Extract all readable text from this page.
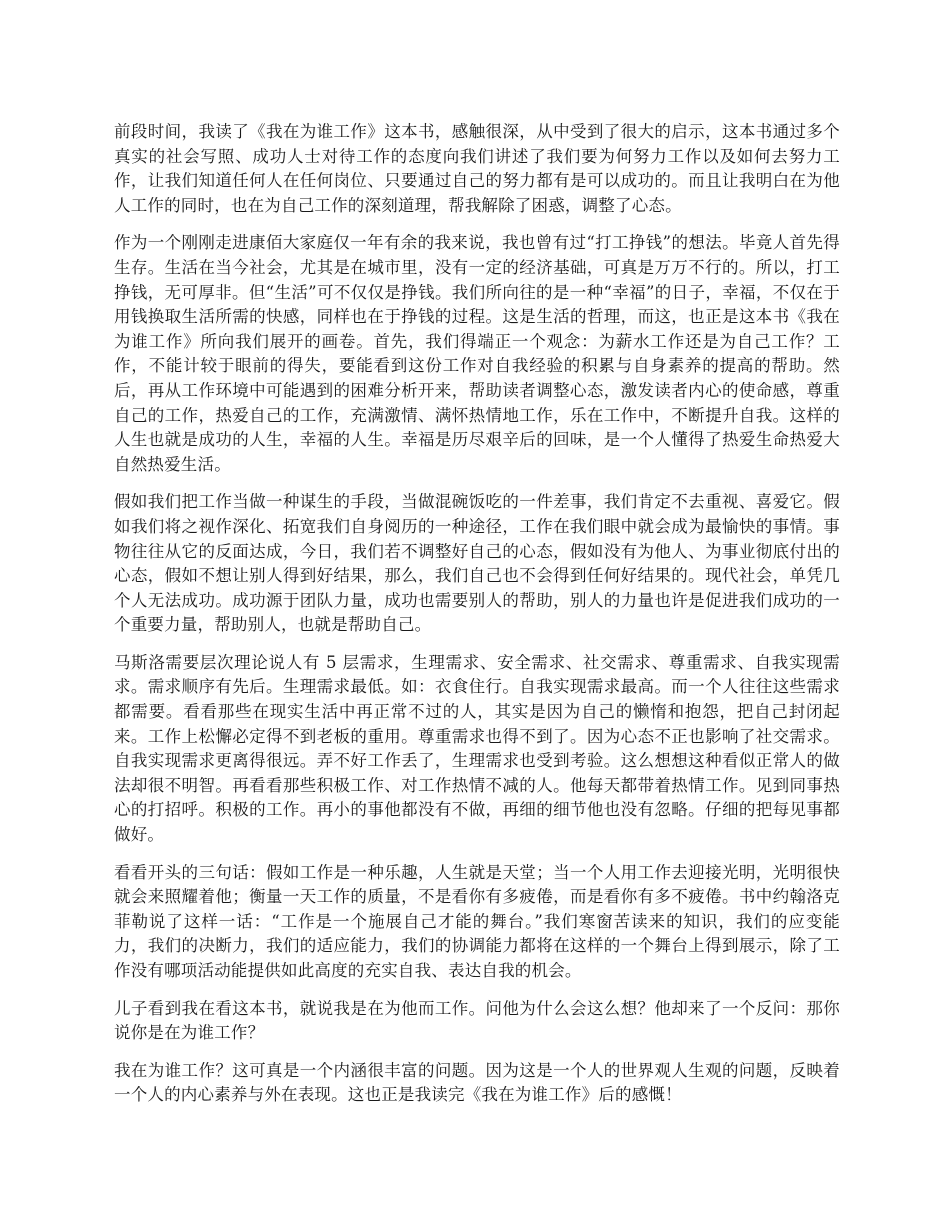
前段时间，我读了《我在为谁工作》这本书，感触很深，从中受到了很大的启示，这本书通过多个真实的社会写照、成功人士对待工作的态度向我们讲述了我们要为何努力工作以及如何去努力工作，让我们知道任何人在任何岗位、只要通过自己的努力都有是可以成功的。而且让我明白在为他人工作的同时，也在为自己工作的深刻道理，帮我解除了困惑，调整了心态。

作为一个刚刚走进康佰大家庭仅一年有余的我来说，我也曾有过“打工挣钱”的想法。毕竟人首先得生存。生活在当今社会，尤其是在城市里，没有一定的经济基础，可真是万万不行的。所以，打工挣钱，无可厚非。但“生活”可不仅仅是挣钱。我们所向往的是一种“幸福”的日子，幸福，不仅在于用钱换取生活所需的快感，同样也在于挣钱的过程。这是生活的哲理，而这，也正是这本书《我在为谁工作》所向我们展开的画卷。首先，我们得端正一个观念：为薪水工作还是为自己工作？工作，不能计较于眼前的得失，要能看到这份工作对自我经验的积累与自身素养的提高的帮助。然后，再从工作环境中可能遇到的困难分析开来，帮助读者调整心态，激发读者内心的使命感，尊重自己的工作，热爱自己的工作，充满激情、满怀热情地工作，乐在工作中，不断提升自我。这样的人生也就是成功的人生，幸福的人生。幸福是历尽艰辛后的回味，是一个人懂得了热爱生命热爱大自然热爱生活。

假如我们把工作当做一种谋生的手段，当做混碗饭吃的一件差事，我们肯定不去重视、喜爱它。假如我们将之视作深化、拓宽我们自身阅历的一种途径，工作在我们眼中就会成为最愉快的事情。事物往往从它的反面达成，今日，我们若不调整好自己的心态，假如没有为他人、为事业彻底付出的心态，假如不想让别人得到好结果，那么，我们自己也不会得到任何好结果的。现代社会，单凭几个人无法成功。成功源于团队力量，成功也需要别人的帮助，别人的力量也许是促进我们成功的一个重要力量，帮助别人，也就是帮助自己。

马斯洛需要层次理论说人有 5 层需求，生理需求、安全需求、社交需求、尊重需求、自我实现需求。需求顺序有先后。生理需求最低。如：衣食住行。自我实现需求最高。而一个人往往这些需求都需要。看看那些在现实生活中再正常不过的人，其实是因为自己的懒惰和抱怨，把自己封闭起来。工作上松懈必定得不到老板的重用。尊重需求也得不到了。因为心态不正也影响了社交需求。自我实现需求更离得很远。弄不好工作丢了，生理需求也受到考验。这么想想这种看似正常人的做法却很不明智。再看看那些积极工作、对工作热情不减的人。他每天都带着热情工作。见到同事热心的打招呼。积极的工作。再小的事他都没有不做，再细的细节他也没有忽略。仔细的把每见事都做好。

看看开头的三句话：假如工作是一种乐趣，人生就是天堂；当一个人用工作去迎接光明，光明很快就会来照耀着他；衡量一天工作的质量，不是看你有多疲倦，而是看你有多不疲倦。书中约翰洛克菲勒说了这样一话：“工作是一个施展自己才能的舞台。”我们寒窗苦读来的知识，我们的应变能力，我们的决断力，我们的适应能力，我们的协调能力都将在这样的一个舞台上得到展示，除了工作没有哪项活动能提供如此高度的充实自我、表达自我的机会。

儿子看到我在看这本书，就说我是在为他而工作。问他为什么会这么想？他却来了一个反问：那你说你是在为谁工作？

我在为谁工作？这可真是一个内涵很丰富的问题。因为这是一个人的世界观人生观的问题，反映着一个人的内心素养与外在表现。这也正是我读完《我在为谁工作》后的感慨！
